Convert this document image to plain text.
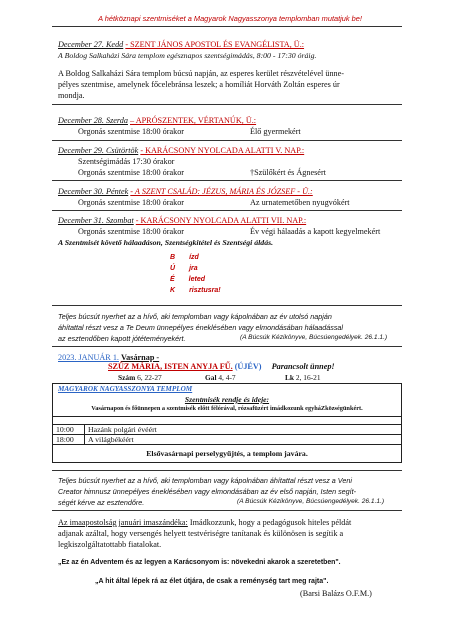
A hétköznapi szentmiséket a Magyarok Nagyasszonya templomban mutatjuk be!
December 27. Kedd - SZENT JÁNOS APOSTOL ÉS EVANGÉLISTA, Ü.:
A Boldog Salkaházi Sára templom egésznapos szentségimádás, 8:00 - 17:30 óráig.
A Boldog Salkaházi Sára templom búcsú napján, az esperes kerület részvételével ünne-
pélyes szentmise, amelynek főcelebránsa leszek; a homíliát Horváth Zoltán esperes úr
mondja.
December 28. Szerda – APRÓSZENTEK, VÉRTANÚK, Ü.:
Orgonás szentmise 18:00 órakor	Élő gyermekért
December 29. Csütörtök - KARÁCSONY NYOLCADA ALATTI V. NAP.:
Szentségimádás 17:30 órakor
Orgonás szentmise 18:00 órakor	†Szülőkért és Ágnesért
December 30. Péntek - A SZENT CSALÁD: JÉZUS, MÁRIA ÉS JÓZSEF - Ü.:
Orgonás szentmise 18:00 órakor	Az urnatemetőben nyugvókért
December 31. Szombat - KARÁCSONY NYOLCADA ALATTI VII. NAP.:
Orgonás szentmise 18:00 órakor	Év végi hálaadás a kapott kegyelmekért
A Szentmisét követő hálaadáson, Szentségkitétel és Szentségi áldás.
B ízd
Ú jra
É leted
K risztusra!
Teljes búcsút nyerhet az a hívő, aki templomban vagy kápolnában az év utolsó napján
áhítattal részt vesz a Te Deum ünnepélyes éneklésében vagy elmondásában hálaadással
az esztendőben kapott jótéteményekért.	(A Búcsúk Kézikönyve, Búcsúengedélyek. 26.1.1.)
2023. JANUÁR 1. Vasárnap -
SZŰZ MÁRIA, ISTEN ANYJA FŰ. (ÚJÉV) Parancsolt ünnep!
Szám 6, 22-27	Gal 4, 4-7	Lk 2, 16-21
MAGYAROK NAGYASSZONYA TEMPLOM
Szentmisék rendje és ideje:
Vasárnapon és főünnepen a szentmisék előtt félórával, rózsafüzért imádkozunk egyháZközségünkért.
10:00	Hazánk polgári évéért
18:00	A világbékéért
Elsővasárnapi perselygyűjtés, a templom javára.
Teljes búcsút nyerhet az a hívő, aki templomban vagy kápolnában áhítattal részt vesz a Veni
Creator himnusz ünnepélyes éneklésében vagy elmondásában az év első napján, Isten segít-
ségét kérve az esztendőre.	(A Búcsúk Kézikönyve, Búcsúengedélyek. 26.1.1.)
Az imaapostolság januári imaszándéka: Imádkozzunk, hogy a pedagógusok hiteles példát
adjanak azáltal, hogy versengés helyett testvériségre tanítanak és különösen is segítik a
legkiszolgáltatottabb fiatalokat.
„Ez az én Adventem és az legyen a Karácsonyom is: növekedni akarok a szeretetben".
„A hit által lépek rá az élet útjára, de csak a reménység tart meg rajta".
(Barsi Balázs O.F.M.)
